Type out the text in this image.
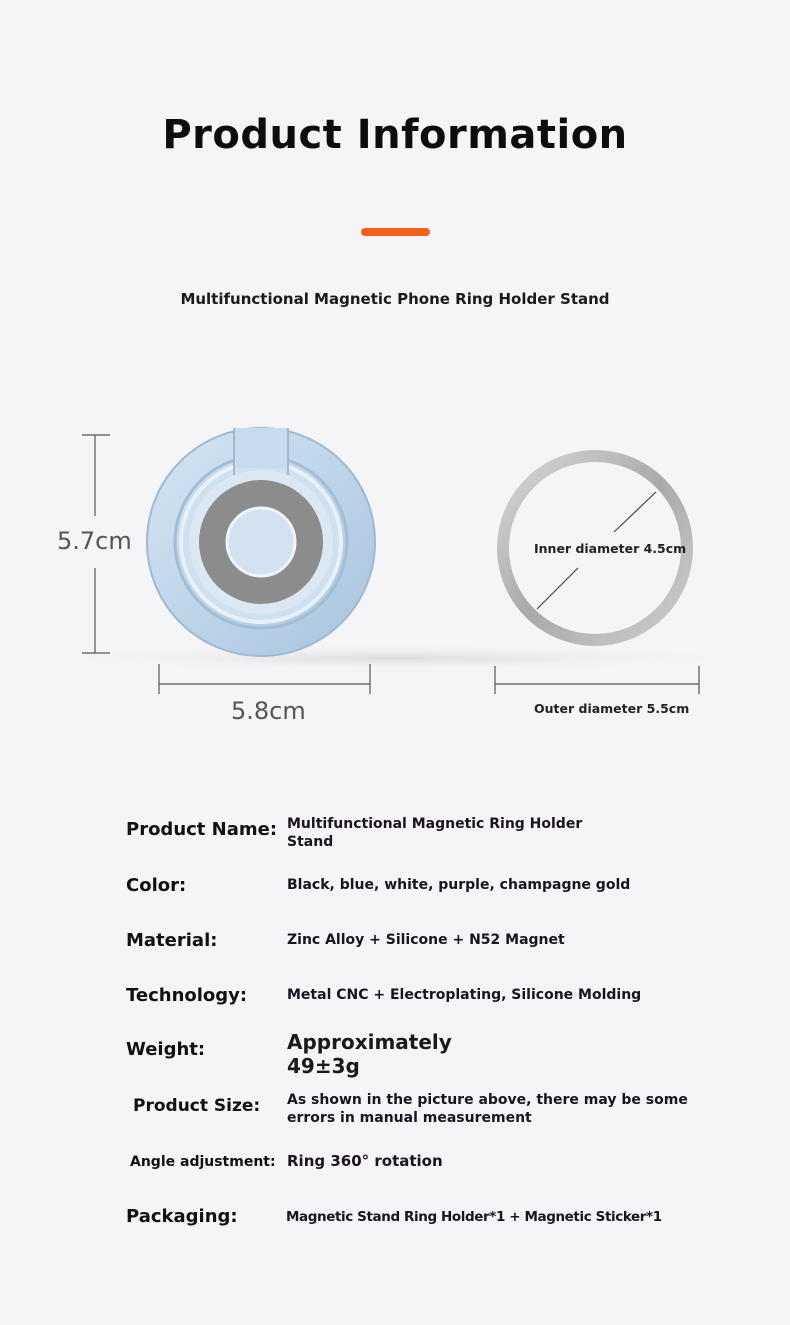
Product Information
Multifunctional Magnetic Phone Ring Holder Stand
5.7cm
5.8cm
Inner diameter 4.5cm
Outer diameter 5.5cm
Product Name: Multifunctional Magnetic Ring Holder Stand
Color:	Black, blue, white, purple, champagne gold
Material:	Zinc Alloy + Silicone + N52 Magnet
Technology:	Metal CNC + Electroplating, Silicone Molding
Weight:	Approximately 49±3g
Product Size: As shown in the picture above, there may be some errors in manual measurement
Angle adjustment: Ring 360° rotation
Packaging:	Magnetic Stand Ring Holder*1 + Magnetic Sticker*1
